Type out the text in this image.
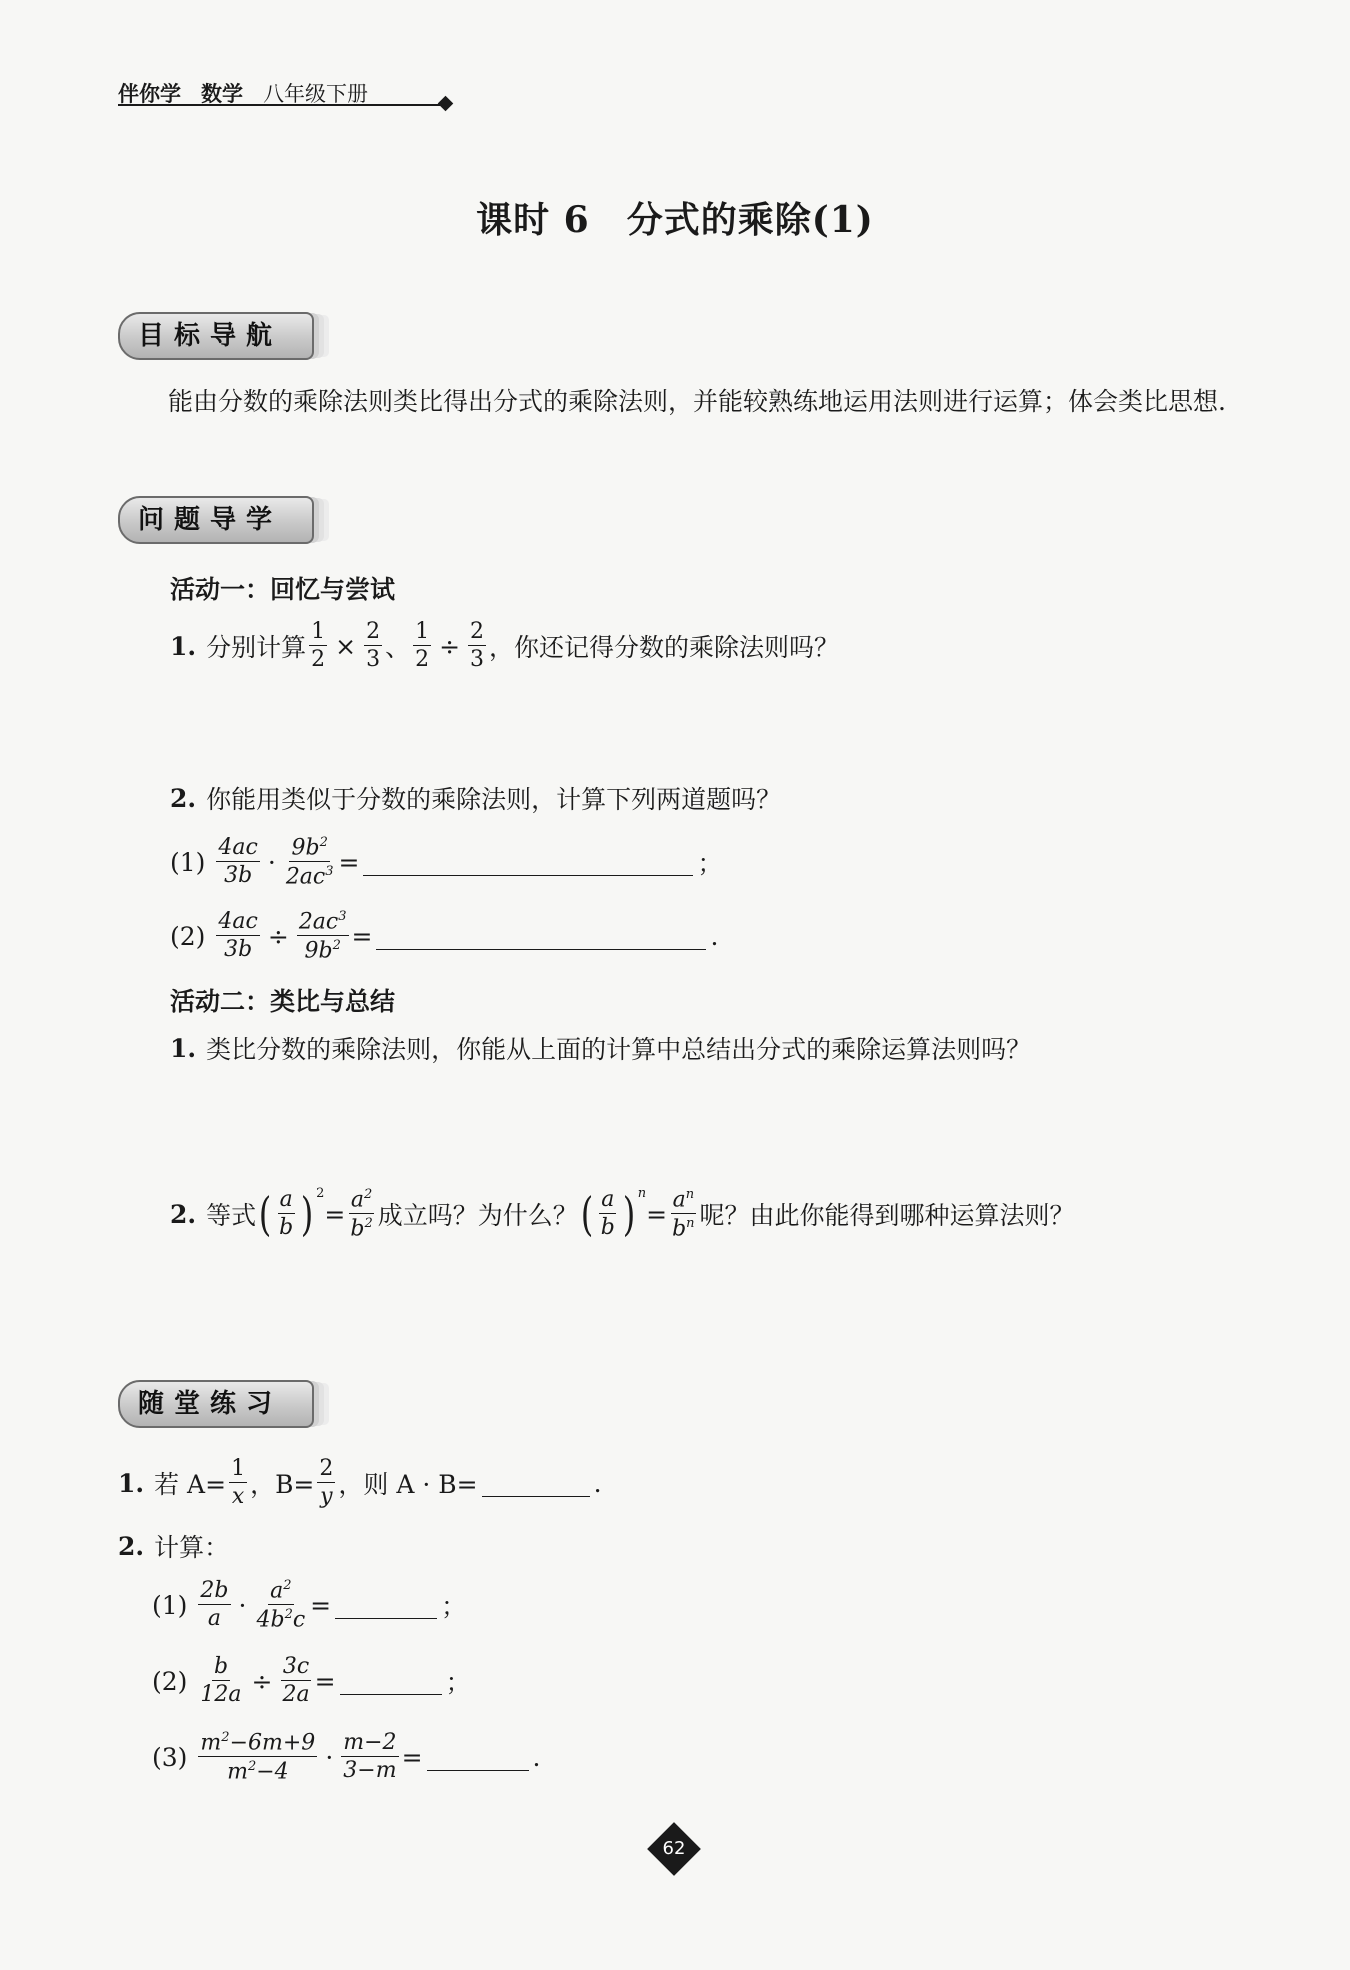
伴你学 数学 八年级下册
课时 6　分式的乘除(1)
目标导航
能由分数的乘除法则类比得出分式的乘除法则，并能较熟练地运用法则进行运算；体会类比思想.
问题导学
活动一：回忆与尝试
1. 分别计算 $\frac{1}{2} \times \frac{2}{3}$ 、 $\frac{1}{2} \div \frac{2}{3}$ ，你还记得分数的乘除法则吗？
2. 你能用类似于分数的乘除法则，计算下列两道题吗？
$(1) \frac{4ac}{3b} \cdot \frac{9b^2}{2ac^3}$ =	；
$(2) \frac{4ac}{3b} \div \frac{2ac^3}{9b^2}$ =	.
活动二：类比与总结
1. 类比分数的乘除法则，你能从上面的计算中总结出分式的乘除运算法则吗？
2. 等式 ( $\frac{a}{b} )^2$
= $\frac{a^2}{b^2}$ 成立吗？为什么？ ( $\frac{a}{b} )^n$
= $\frac{a^n}{b^n}$ 呢？由此你能得到哪种运算法则？
随堂练习
1. 若 $A= \frac{1}{x}$ ，$B= \frac{2}{y}$ ，则 A · B=	.
2. 计算：
$(1) \frac{2b}{a} \cdot \frac{a^2}{4b^2c}$ =	；
$(2) \frac{b}{12a} \div \frac{3c}{2a}$ =	；
$(3) \frac{m^2-6m+9}{m^2-4} \cdot \frac{m-2}{3-m}$ =	.
62
